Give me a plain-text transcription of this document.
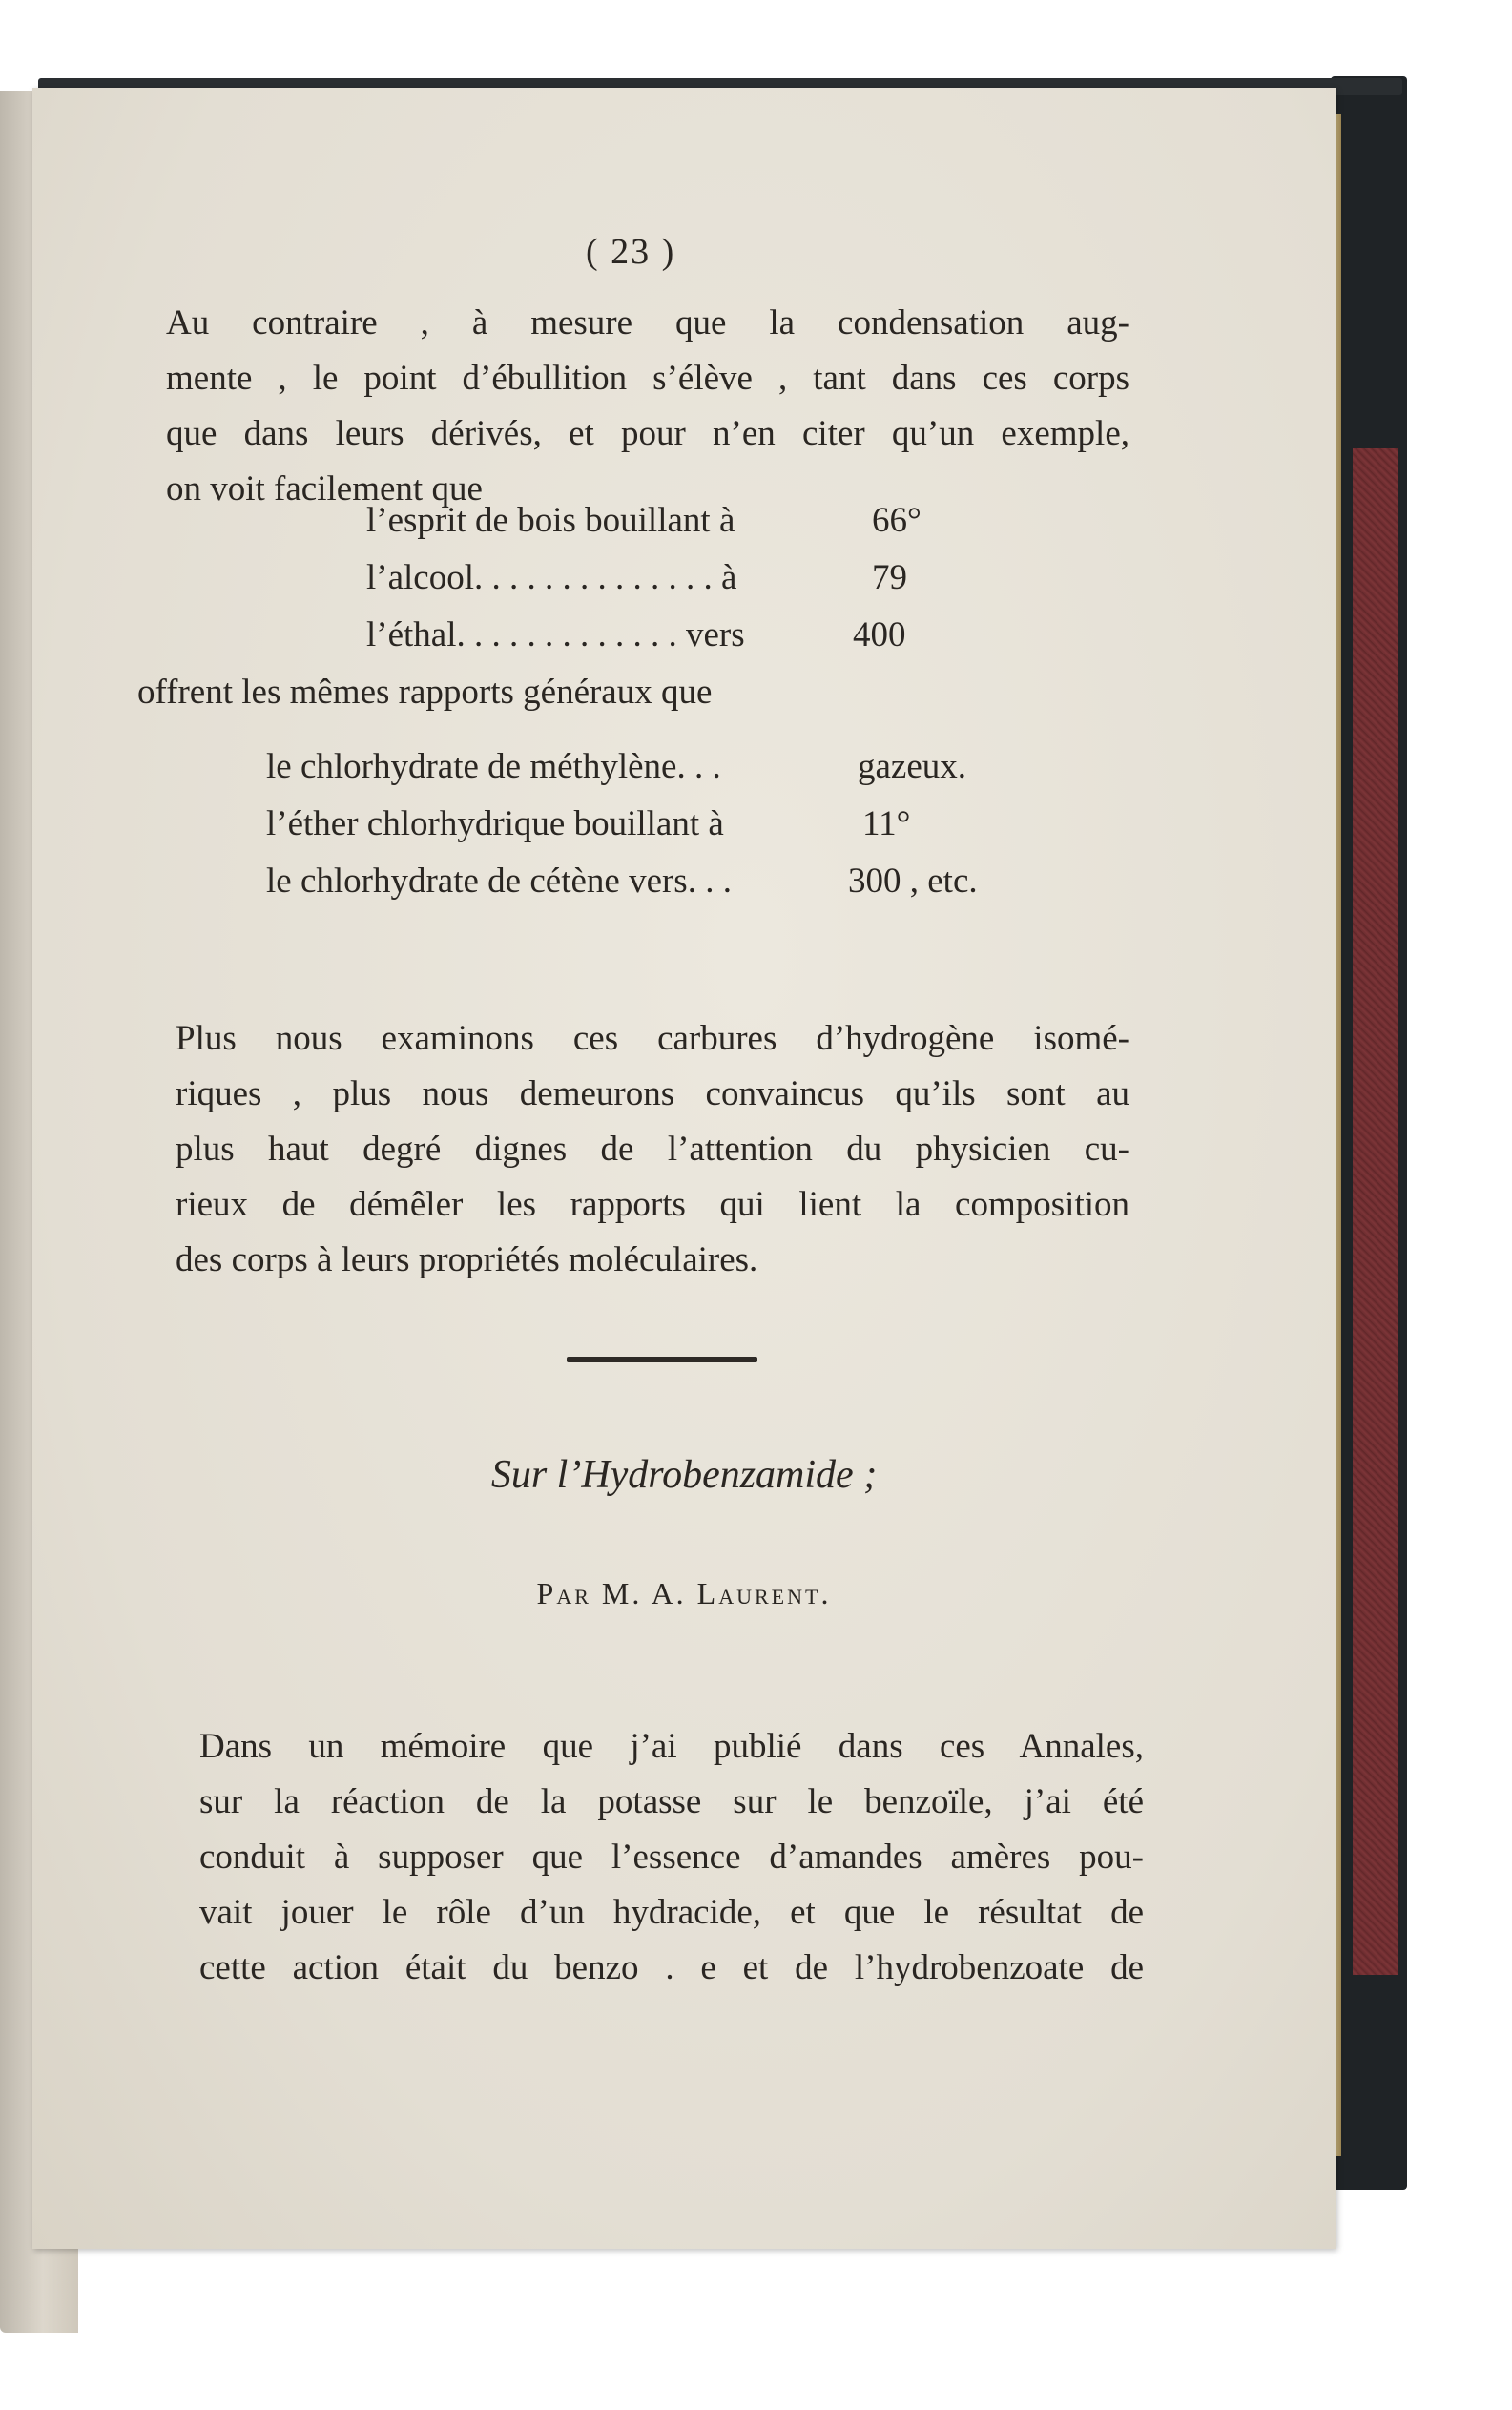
( 23 )
Au contraire , à mesure que la condensation aug-
mente , le point d’ébullition s’élève , tant dans ces corps
que dans leurs dérivés, et pour n’en citer qu’un exemple,
on voit facilement que
l’esprit de bois bouillant à	66°
l’alcool. . . . . . . . . . . . . . à	79
l’éthal. . . . . . . . . . . . . vers	400
offrent les mêmes rapports généraux que
le chlorhydrate de méthylène. . .	gazeux.
l’éther chlorhydrique bouillant à	11°
le chlorhydrate de cétène vers. . .	300 , etc.
Plus nous examinons ces carbures d’hydrogène isomé-
riques , plus nous demeurons convaincus qu’ils sont au
plus haut degré dignes de l’attention du physicien cu-
rieux de démêler les rapports qui lient la composition
des corps à leurs propriétés moléculaires.
Sur l’Hydrobenzamide ;
Par M. A. Laurent.
Dans un mémoire que j’ai publié dans ces Annales,
sur la réaction de la potasse sur le benzoïle, j’ai été
conduit à supposer que l’essence d’amandes amères pou-
vait jouer le rôle d’un hydracide, et que le résultat de
cette action était du benzo . e et de l’hydrobenzoate de
